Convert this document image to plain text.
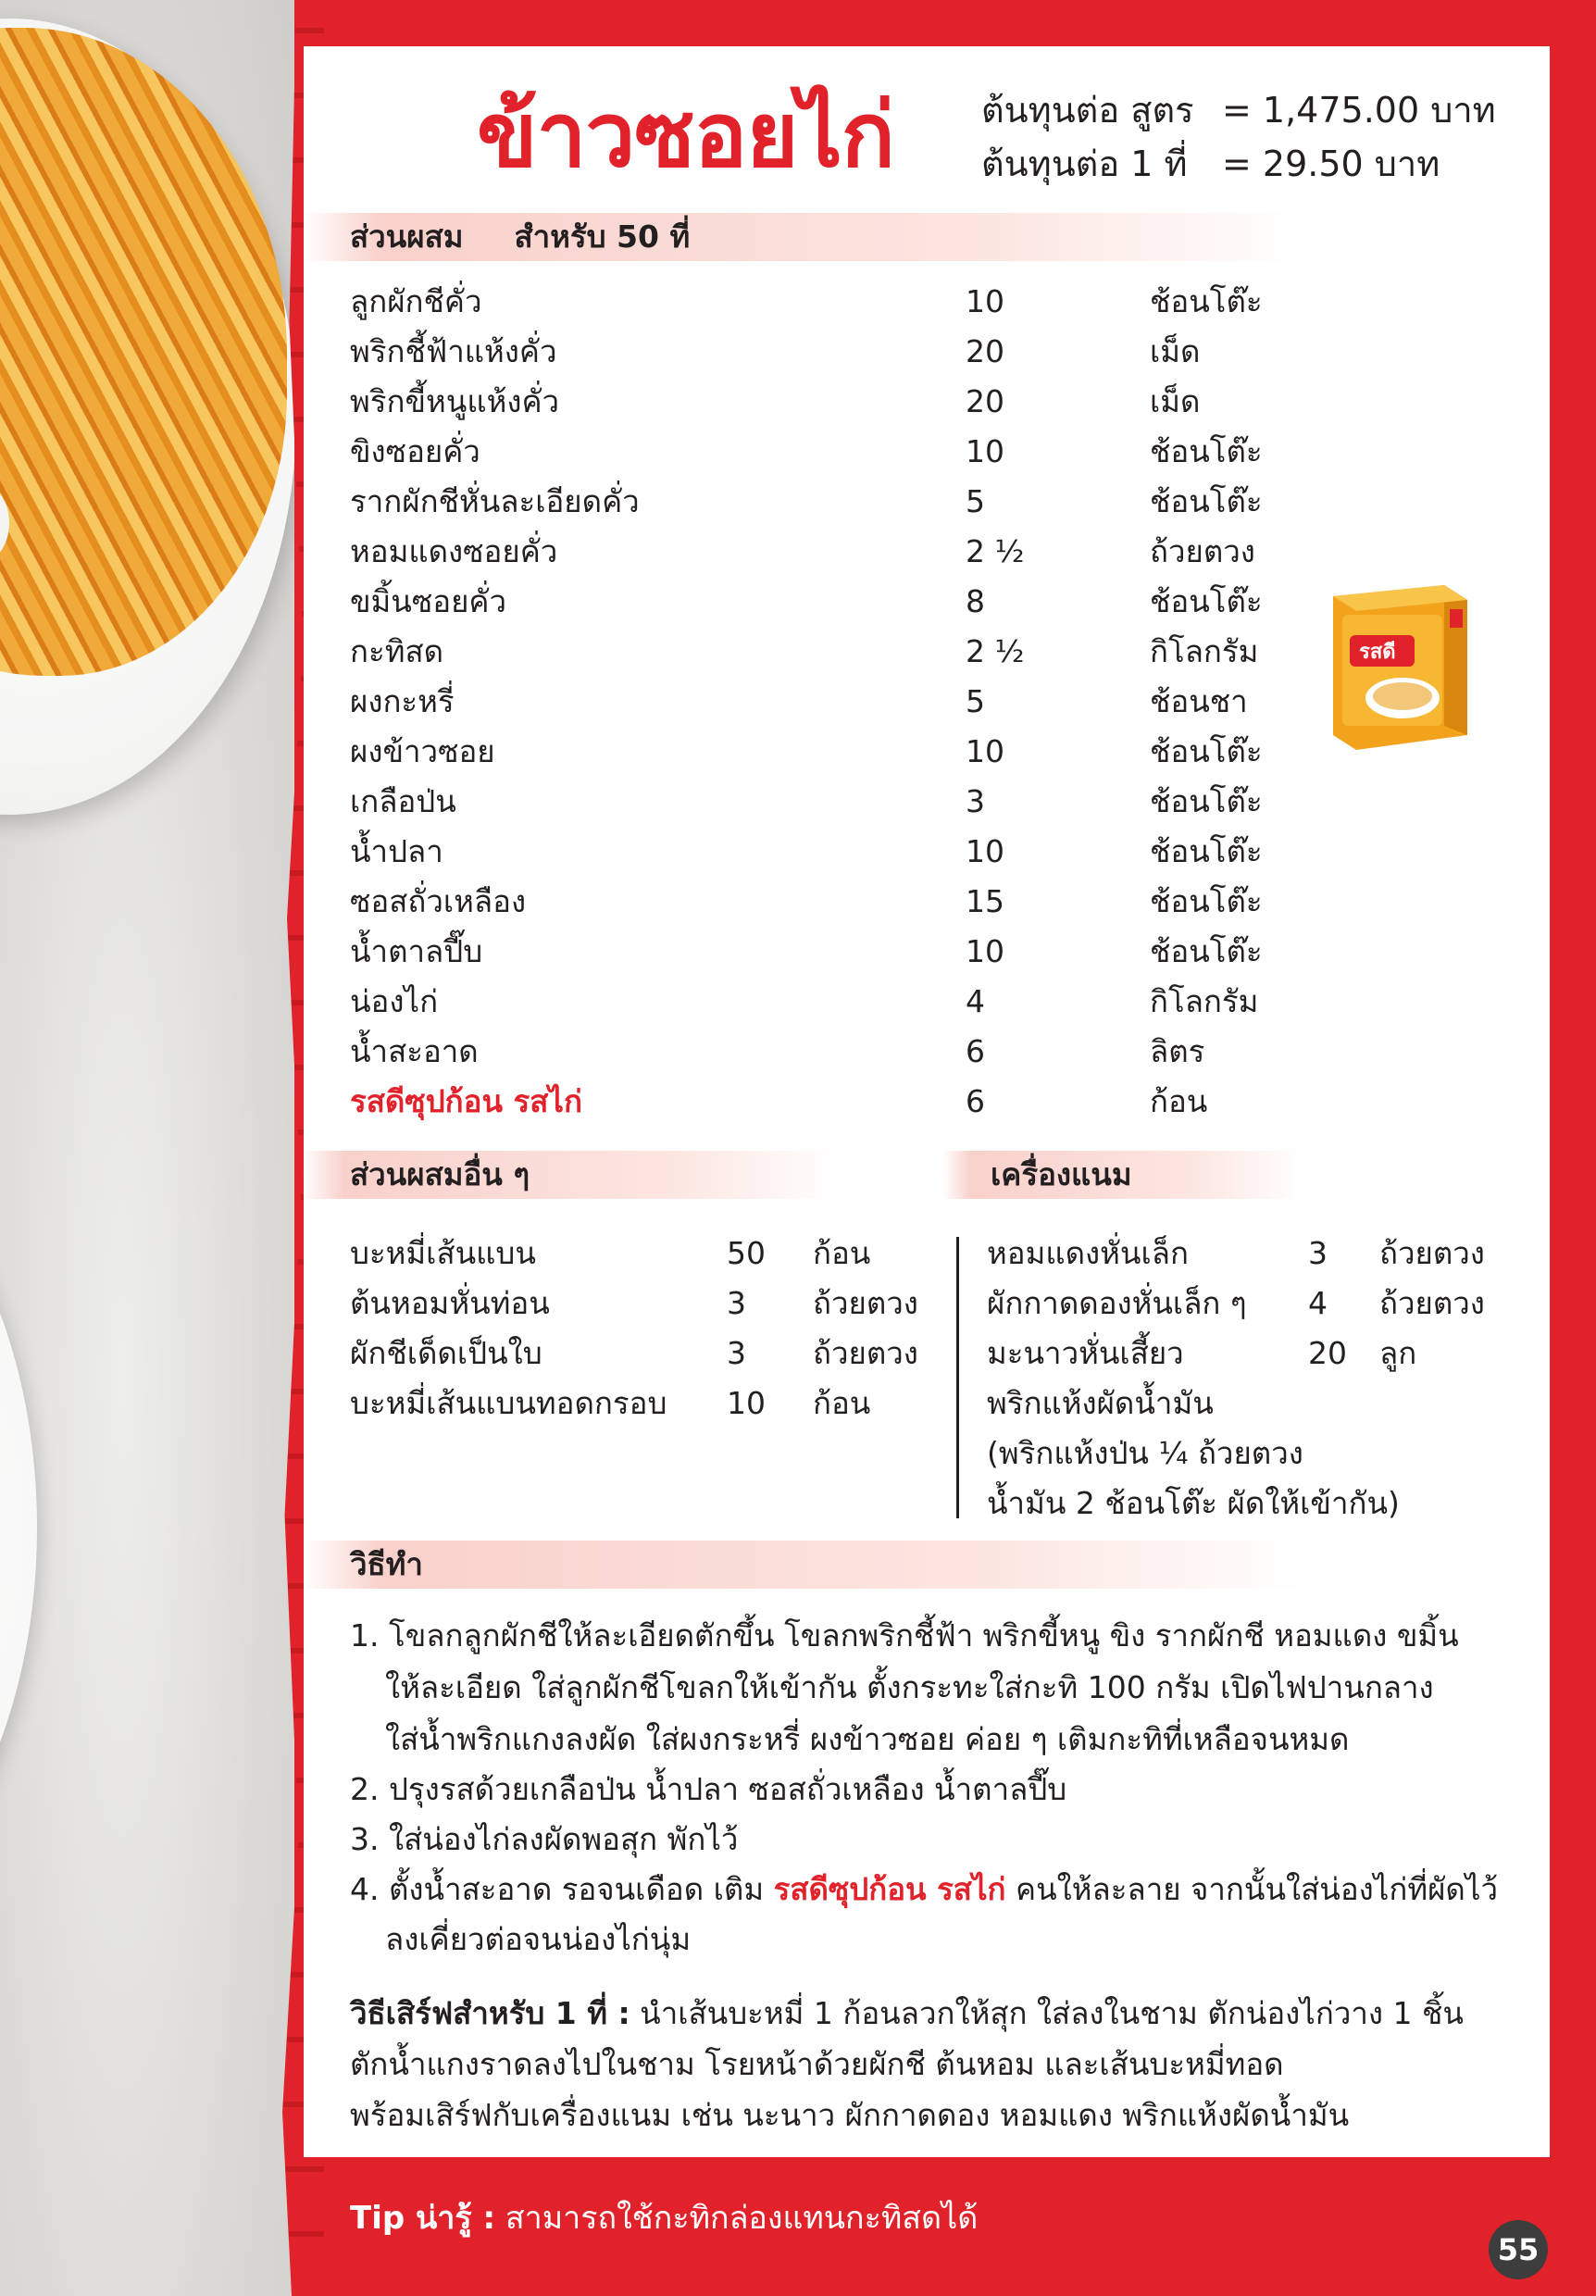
ข้าวซอยไก่ ต้นทุนต่อ สูตร = 1,475.00 บาท
ต้นทุนต่อ 1 ที่ = 29.50 บาท
ส่วนผสม สำหรับ 50 ที่
ลูกผักชีคั่ว	10	ช้อนโต๊ะ
พริกชี้ฟ้าแห้งคั่ว	20	เม็ด
พริกขี้หนูแห้งคั่ว	20	เม็ด
ขิงซอยคั่ว	10	ช้อนโต๊ะ
รากผักชีหั่นละเอียดคั่ว	5	ช้อนโต๊ะ
หอมแดงซอยคั่ว	2 ½	ถ้วยตวง
ขมิ้นซอยคั่ว	8	ช้อนโต๊ะ
กะทิสด	2 ½	กิโลกรัม
ผงกะหรี่	5	ช้อนชา
ผงข้าวซอย	10	ช้อนโต๊ะ
เกลือป่น	3	ช้อนโต๊ะ
น้ำปลา	10	ช้อนโต๊ะ
ซอสถั่วเหลือง	15	ช้อนโต๊ะ
น้ำตาลปี๊บ	10	ช้อนโต๊ะ
น่องไก่	4	กิโลกรัม
น้ำสะอาด	6	ลิตร
รสดีซุปก้อน รสไก่	6	ก้อน
รสดี
ส่วนผสมอื่น ๆ	เครื่องแนม
บะหมี่เส้นแบน	50 ก้อน
ต้นหอมหั่นท่อน	3 ถ้วยตวง
ผักชีเด็ดเป็นใบ	3 ถ้วยตวง
บะหมี่เส้นแบนทอดกรอบ 10 ก้อน
หอมแดงหั่นเล็ก	3 ถ้วยตวง
ผักกาดดองหั่นเล็ก ๆ 4 ถ้วยตวง
มะนาวหั่นเสี้ยว	20 ลูก
พริกแห้งผัดน้ำมัน
(พริกแห้งป่น ¼ ถ้วยตวง
น้ำมัน 2 ช้อนโต๊ะ ผัดให้เข้ากัน)
วิธีทำ
1. โขลกลูกผักชีให้ละเอียดตักขึ้น โขลกพริกชี้ฟ้า พริกขี้หนู ขิง รากผักชี หอมแดง ขมิ้น
ให้ละเอียด ใส่ลูกผักชีโขลกให้เข้ากัน ตั้งกระทะใส่กะทิ 100 กรัม เปิดไฟปานกลาง
ใส่น้ำพริกแกงลงผัด ใส่ผงกระหรี่ ผงข้าวซอย ค่อย ๆ เติมกะทิที่เหลือจนหมด
2. ปรุงรสด้วยเกลือป่น น้ำปลา ซอสถั่วเหลือง น้ำตาลปี๊บ
3. ใส่น่องไก่ลงผัดพอสุก พักไว้
4. ตั้งน้ำสะอาด รอจนเดือด เติม รสดีซุปก้อน รสไก่ คนให้ละลาย จากนั้นใส่น่องไก่ที่ผัดไว้
ลงเคี่ยวต่อจนน่องไก่นุ่ม
วิธีเสิร์ฟสำหรับ 1 ที่ : นำเส้นบะหมี่ 1 ก้อนลวกให้สุก ใส่ลงในชาม ตักน่องไก่วาง 1 ชิ้น
ตักน้ำแกงราดลงไปในชาม โรยหน้าด้วยผักชี ต้นหอม และเส้นบะหมี่ทอด
พร้อมเสิร์ฟกับเครื่องแนม เช่น นะนาว ผักกาดดอง หอมแดง พริกแห้งผัดน้ำมัน
Tip น่ารู้ : สามารถใช้กะทิกล่องแทนกะทิสดได้
55
